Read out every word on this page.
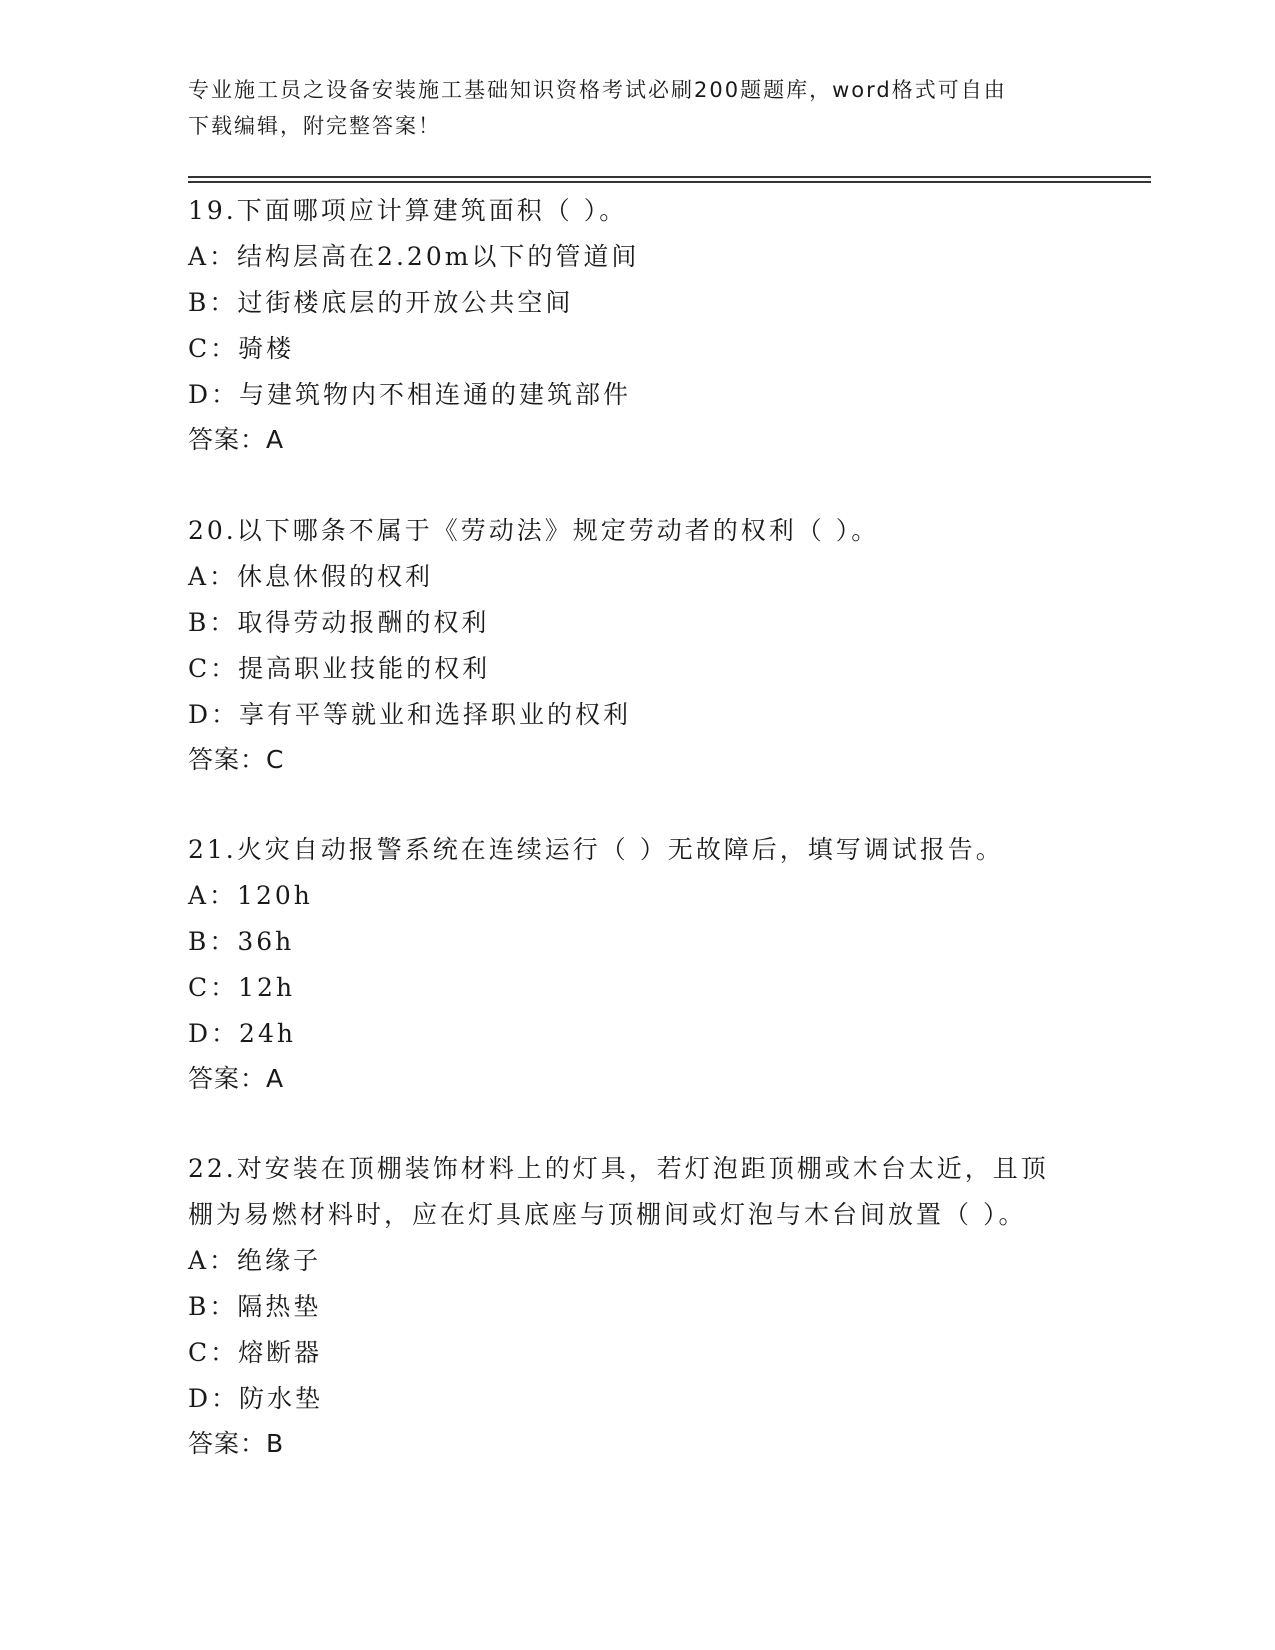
专业施工员之设备安装施工基础知识资格考试必刷200题题库，word格式可自由
下载编辑，附完整答案！
19.下面哪项应计算建筑面积（ ）。
A：结构层高在2.20m以下的管道间
B：过街楼底层的开放公共空间
C：骑楼
D：与建筑物内不相连通的建筑部件
答案：A
20.以下哪条不属于《劳动法》规定劳动者的权利（ ）。
A：休息休假的权利
B：取得劳动报酬的权利
C：提高职业技能的权利
D：享有平等就业和选择职业的权利
答案：C
21.火灾自动报警系统在连续运行（ ）无故障后，填写调试报告。
A：120h
B：36h
C：12h
D：24h
答案：A
22.对安装在顶棚装饰材料上的灯具，若灯泡距顶棚或木台太近，且顶
棚为易燃材料时，应在灯具底座与顶棚间或灯泡与木台间放置（ ）。
A：绝缘子
B：隔热垫
C：熔断器
D：防水垫
答案：B
